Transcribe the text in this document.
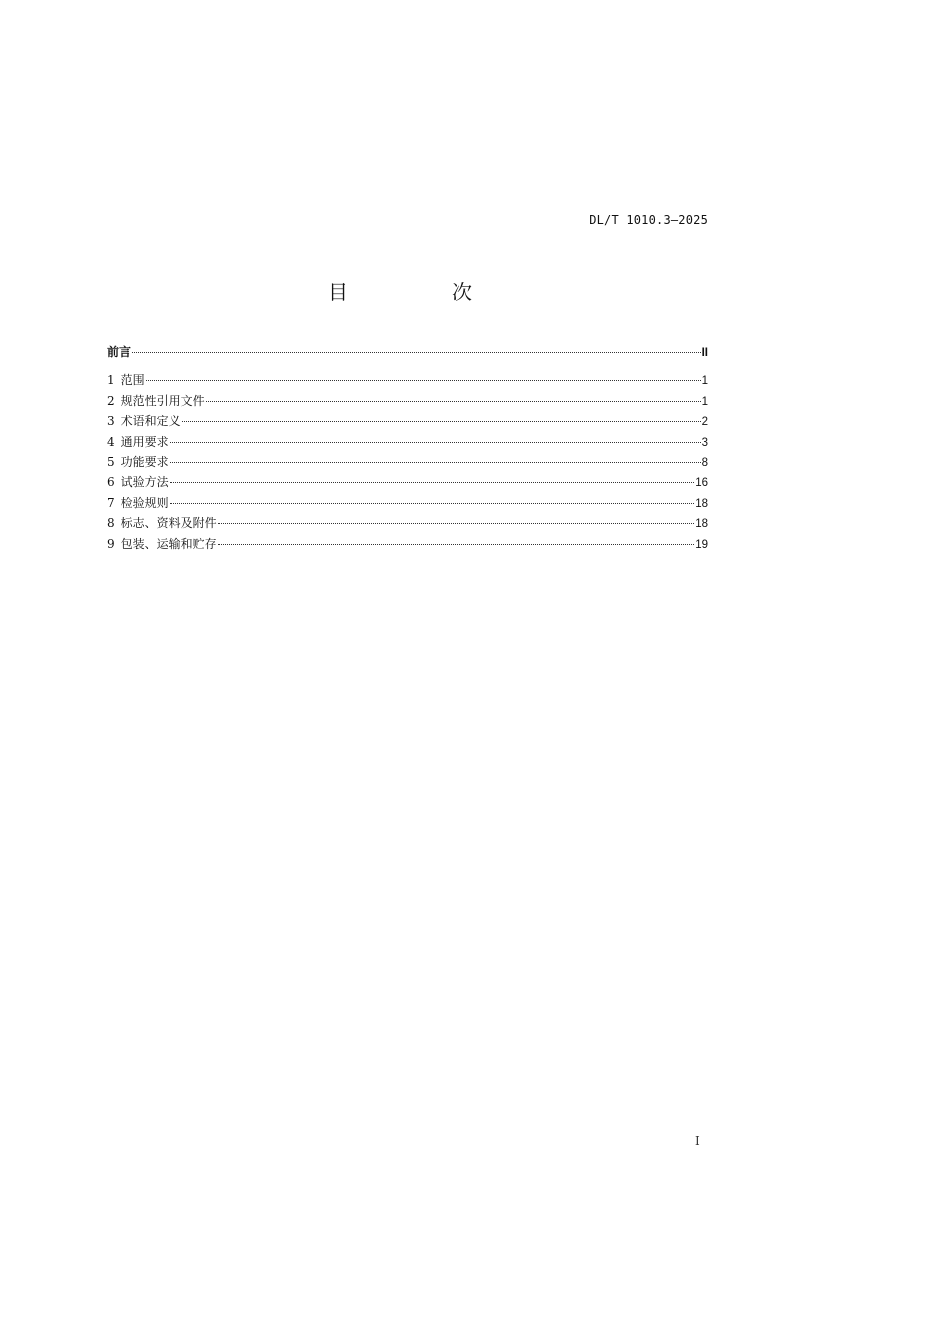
DL/T 1010.3—2025
目　次
前言	II
1 范围	1
2 规范性引用文件	1
3 术语和定义	2
4 通用要求	3
5 功能要求	8
6 试验方法	16
7 检验规则	18
8 标志、资料及附件	18
9 包装、运输和贮存	19
I
